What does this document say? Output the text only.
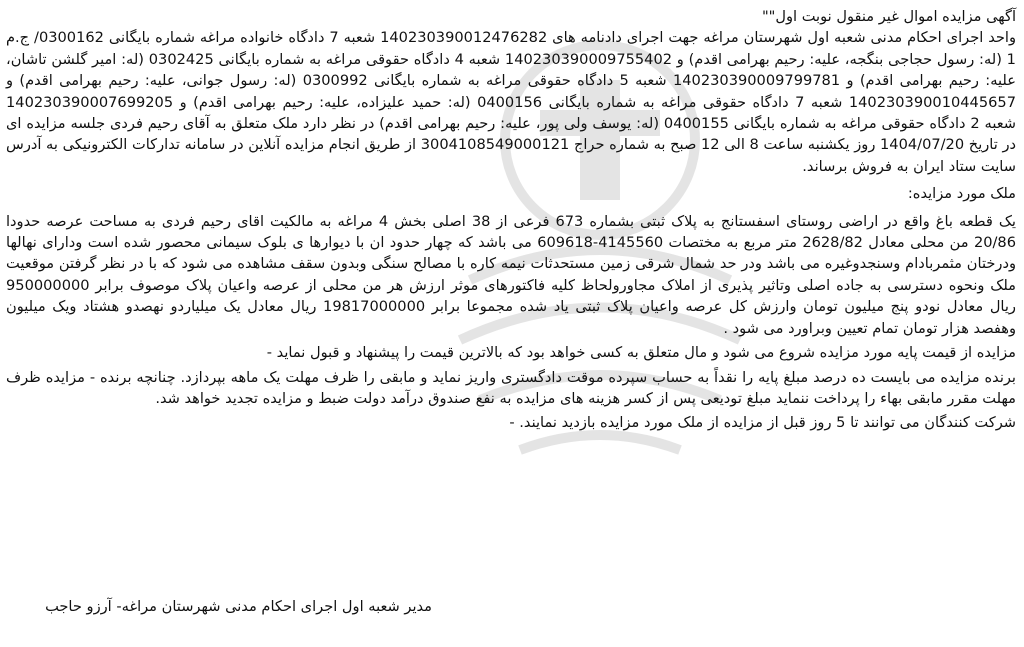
آگهی مزایده اموال غیر منقول نوبت اول""

واحد اجرای احکام مدنی شعبه اول شهرستان مراغه جهت اجرای دادنامه های 140230390012476282 شعبه 7 دادگاه خانواده مراغه شماره بایگانی 0300162/ ج.م 1 (له: رسول حجاجی بنگجه، علیه: رحیم بهرامی اقدم) و 140230390009755402 شعبه 4 دادگاه حقوقی مراغه به شماره بایگانی 0302425 (له: امیر گلشن تاشان، علیه: رحیم بهرامی اقدم) و 140230390009799781 شعبه 5 دادگاه حقوقی مراغه به شماره بایگانی 0300992 (له: رسول جوانی، علیه: رحیم بهرامی اقدم) و 140230390010445657 شعبه 7 دادگاه حقوقی مراغه به شماره بایگانی 0400156 (له: حمید علیزاده، علیه: رحیم بهرامی اقدم) و 140230390007699205 شعبه 2 دادگاه حقوقی مراغه به شماره بایگانی 0400155 (له: یوسف ولی پور، علیه: رحیم بهرامی اقدم) در نظر دارد ملک متعلق به آقای رحیم فردی جلسه مزایده ای در تاریخ 1404/07/20 روز یکشنبه ساعت 8 الی 12 صبح به شماره حراج 3004108549000121 از طریق انجام مزایده آنلاین در سامانه تدارکات الکترونیکی به آدرس سایت ستاد ایران به فروش برساند.

ملک مورد مزایده:

یک قطعه باغ واقع در اراضی روستای اسفستانج به پلاک ثبتی بشماره 673 فرعی از 38 اصلی بخش 4 مراغه به مالکیت اقای رحیم فردی به مساحت عرصه حدودا 20/86 من محلی معادل 2628/82 متر مربع به مختصات 4145560-609618 می باشد که چهار حدود ان با دیوارها ی بلوک سیمانی محصور شده است ودارای نهالها ودرختان مثمربادام وسنجدوغیره می باشد ودر حد شمال شرقی زمین مستحدثات نیمه کاره با مصالح سنگی وبدون سقف مشاهده می شود که با در نظر گرفتن موقعیت ملک ونحوه دسترسی به جاده اصلی وتاثیر پذیری از املاک مجاورولحاظ کلیه فاکتورهای موثر ارزش هر من محلی از عرصه واعیان پلاک موصوف برابر 950000000 ریال معادل نودو پنج میلیون تومان وارزش کل عرصه واعیان پلاک ثبتی یاد شده مجموعا برابر 19817000000 ریال معادل یک میلیاردو نهصدو هشتاد ویک میلیون وهفصد هزار تومان تمام تعیین وبراورد می شود .

مزایده از قیمت پایه مورد مزایده شروع می شود و مال متعلق به کسی خواهد بود که بالاترین قیمت را پیشنهاد و قبول نماید -

برنده مزایده می بایست ده درصد مبلغ پایه را نقداً به حساب سپرده موقت دادگستری واریز نماید و مابقی را ظرف مهلت یک ماهه بپردازد. چنانچه برنده - مزایده ظرف مهلت مقرر مابقی بهاء را پرداخت ننماید مبلغ تودیعی پس از کسر هزینه های مزایده به نفع صندوق درآمد دولت ضبط و مزایده تجدید خواهد شد.

شرکت کنندگان می توانند تا 5 روز قبل از مزایده از ملک مورد مزایده بازدید نمایند. -

مدیر شعبه اول اجرای احکام مدنی شهرستان مراغه- آرزو حاجب
